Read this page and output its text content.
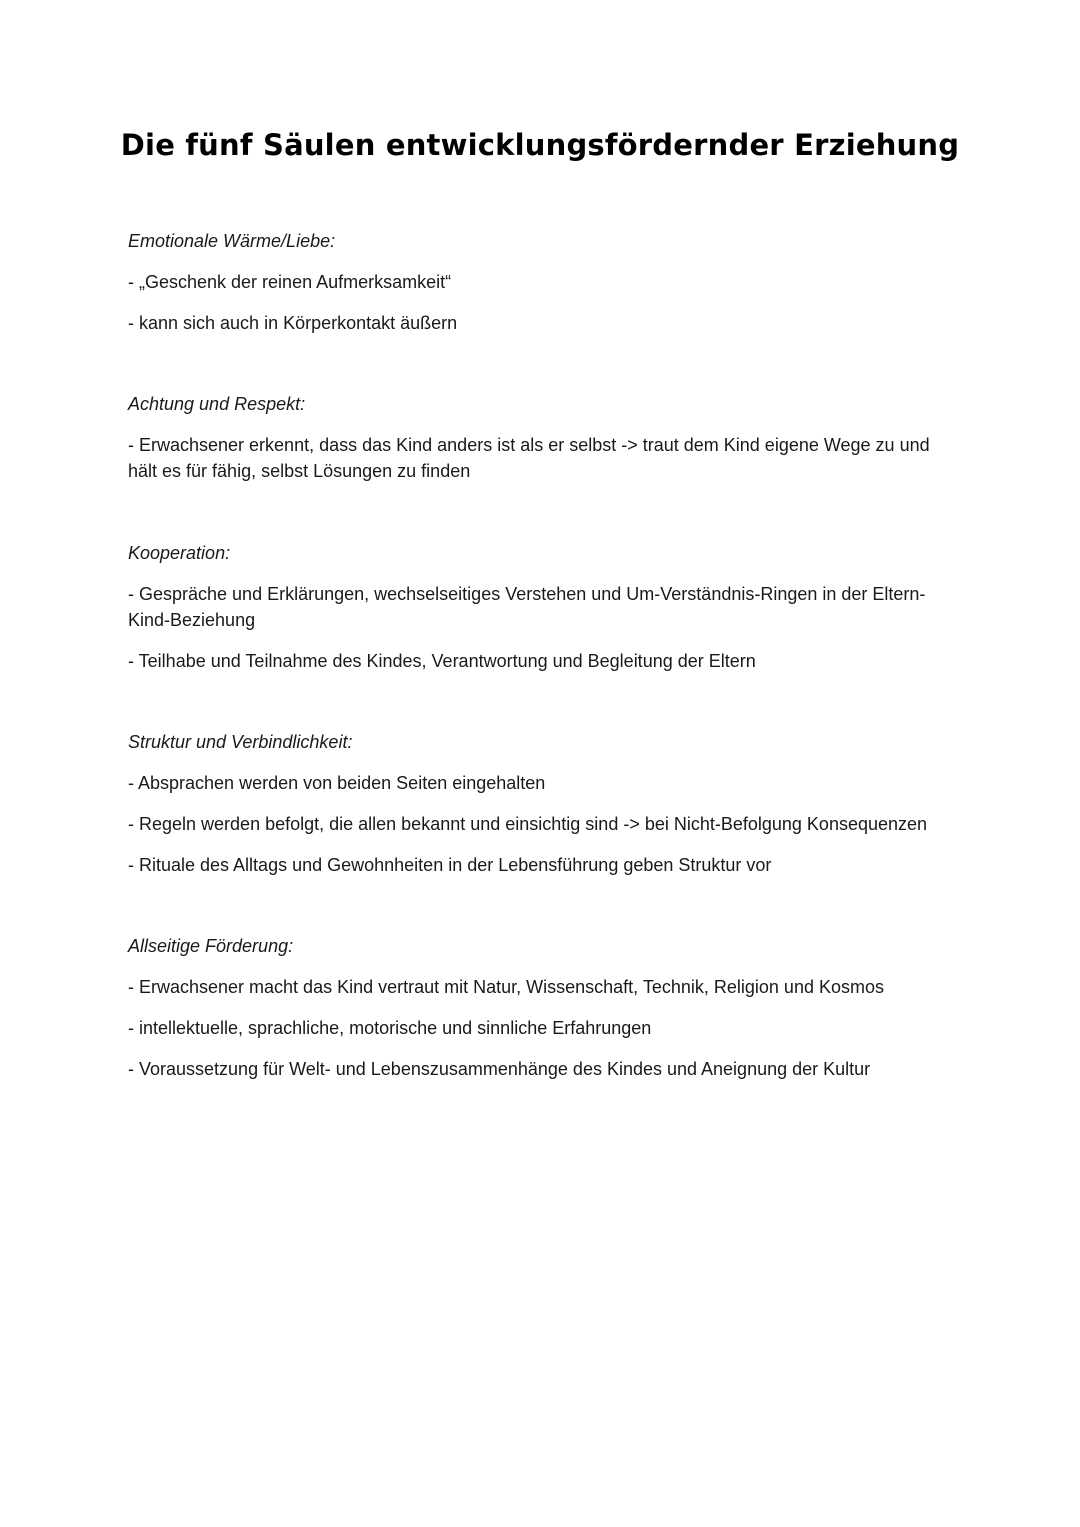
Die fünf Säulen entwicklungsfördernder Erziehung

Emotionale Wärme/Liebe:

- „Geschenk der reinen Aufmerksamkeit“

- kann sich auch in Körperkontakt äußern

Achtung und Respekt:

- Erwachsener erkennt, dass das Kind anders ist als er selbst -> traut dem Kind eigene Wege zu und hält es für fähig, selbst Lösungen zu finden

Kooperation:

- Gespräche und Erklärungen, wechselseitiges Verstehen und Um-Verständnis-Ringen in der Eltern-Kind-Beziehung

- Teilhabe und Teilnahme des Kindes, Verantwortung und Begleitung der Eltern

Struktur und Verbindlichkeit:

- Absprachen werden von beiden Seiten eingehalten

- Regeln werden befolgt, die allen bekannt und einsichtig sind -> bei Nicht-Befolgung Konsequenzen

- Rituale des Alltags und Gewohnheiten in der Lebensführung geben Struktur vor

Allseitige Förderung:

- Erwachsener macht das Kind vertraut mit Natur, Wissenschaft, Technik, Religion und Kosmos

- intellektuelle, sprachliche, motorische und sinnliche Erfahrungen

- Voraussetzung für Welt- und Lebenszusammenhänge des Kindes und Aneignung der Kultur
